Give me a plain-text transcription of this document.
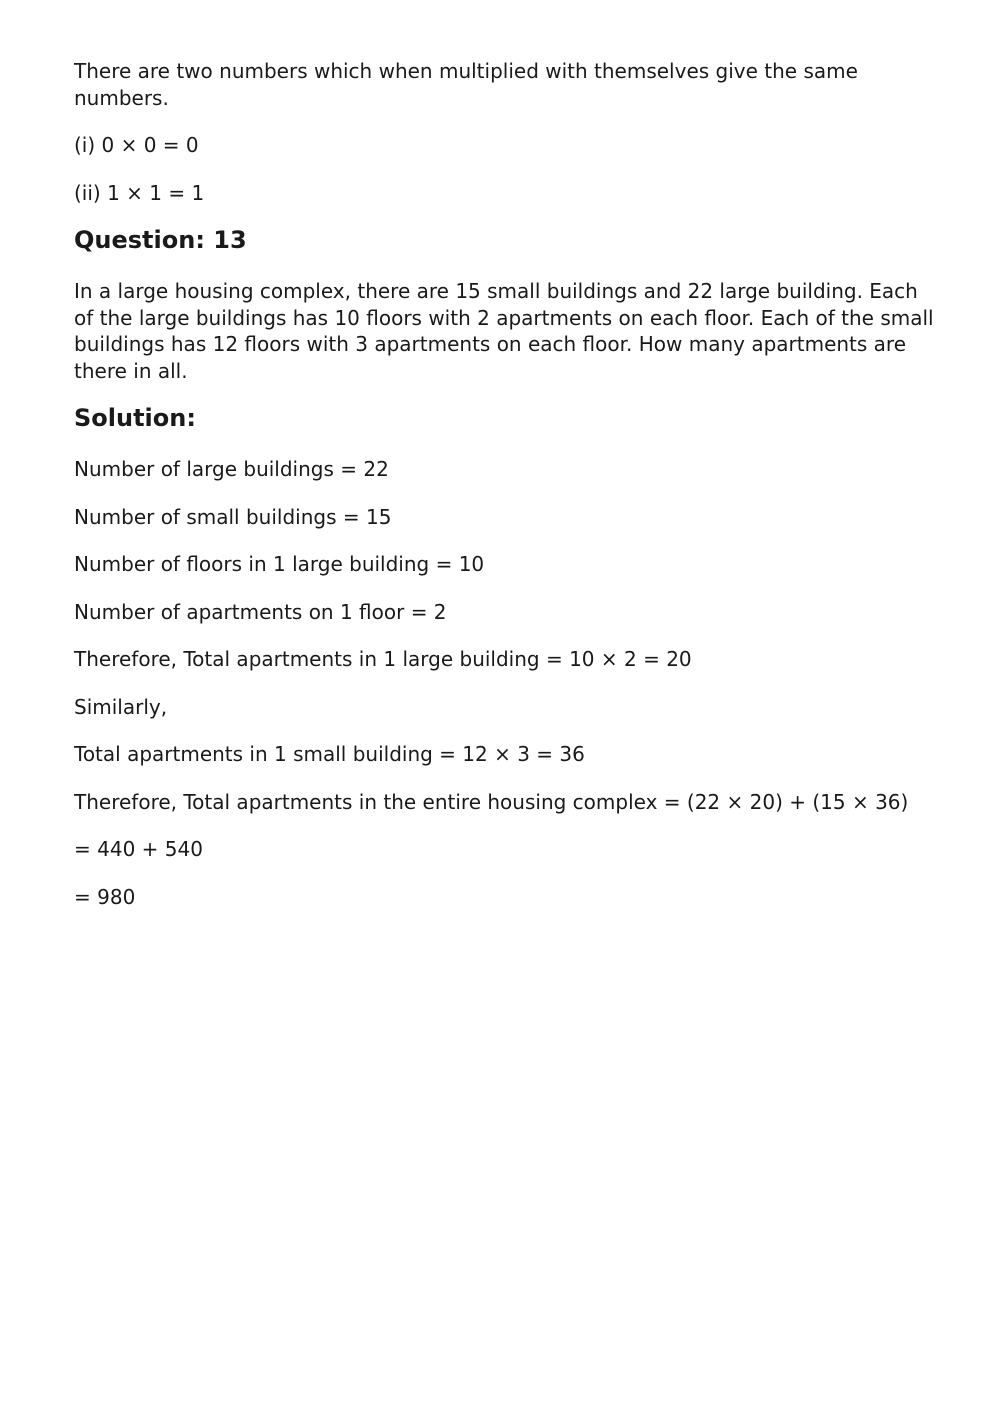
There are two numbers which when multiplied with themselves give the same numbers.

(i) 0 × 0 = 0

(ii) 1 × 1 = 1

Question: 13

In a large housing complex, there are 15 small buildings and 22 large building. Each of the large buildings has 10 floors with 2 apartments on each floor. Each of the small buildings has 12 floors with 3 apartments on each floor. How many apartments are there in all.

Solution:

Number of large buildings = 22

Number of small buildings = 15

Number of floors in 1 large building = 10

Number of apartments on 1 floor = 2

Therefore, Total apartments in 1 large building = 10 × 2 = 20

Similarly,

Total apartments in 1 small building = 12 × 3 = 36

Therefore, Total apartments in the entire housing complex = (22 × 20) + (15 × 36)

= 440 + 540

= 980
